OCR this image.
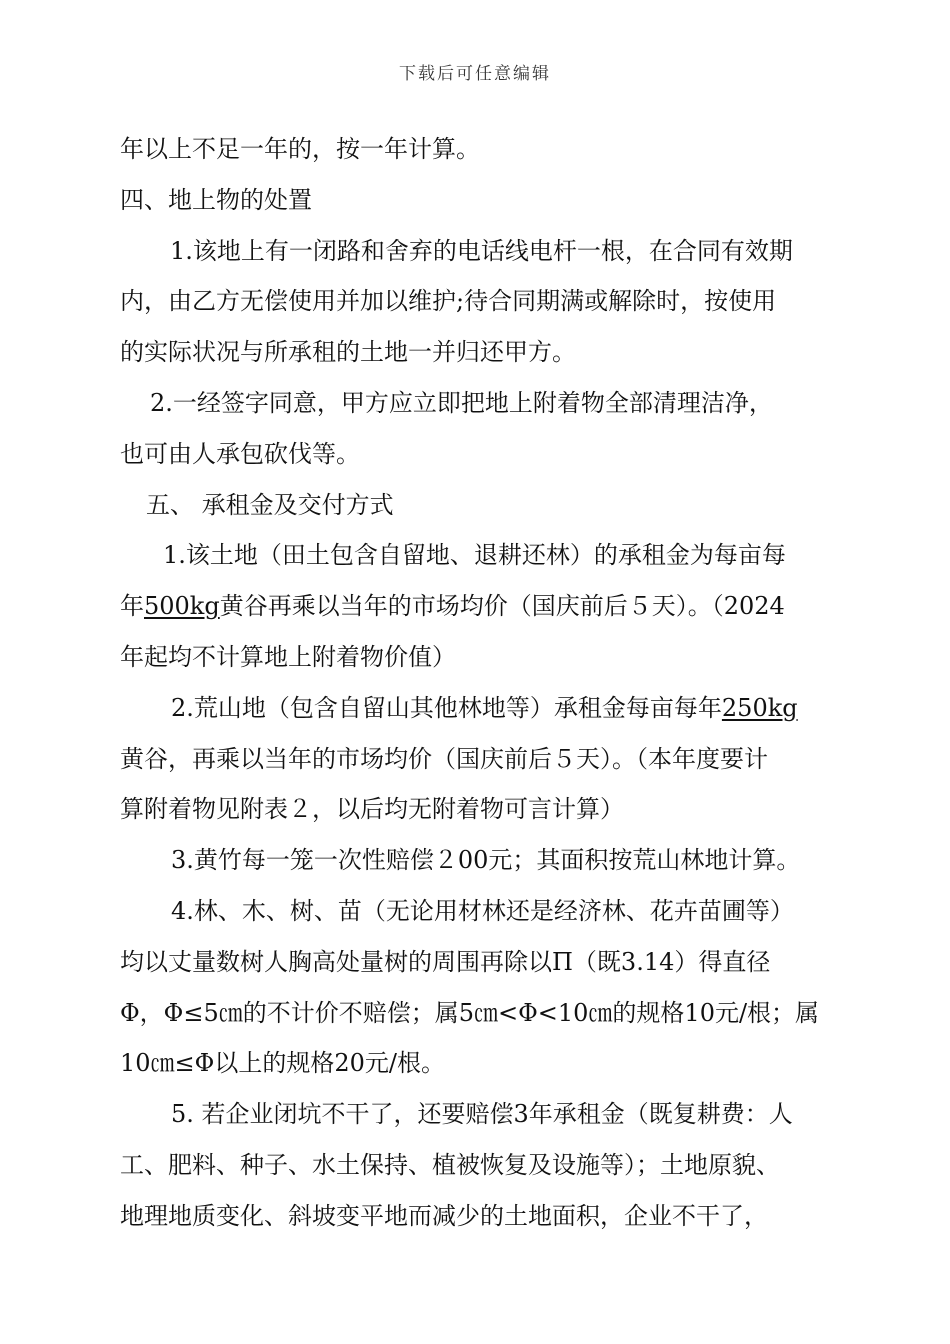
下载后可任意编辑
年以上不足一年的，按一年计算。
四、地上物的处置
1.该地上有一闭路和舍弃的电话线电杆一根，在合同有效期
内，由乙方无偿使用并加以维护;待合同期满或解除时，按使用
的实际状况与所承租的土地一并归还甲方。
2.一经签字同意，甲方应立即把地上附着物全部清理洁净，
也可由人承包砍伐等。
五、 承租金及交付方式
1.该土地（田土包含自留地、退耕还林）的承租金为每亩每
年500kg黄谷再乘以当年的市场均价（国庆前后５天）。（2024
年起均不计算地上附着物价值）
2.荒山地（包含自留山其他林地等）承租金每亩每年250kg
黄谷，再乘以当年的市场均价（国庆前后５天）。（本年度要计
算附着物见附表２，以后均无附着物可言计算）
3.黄竹每一笼一次性赔偿２00元；其面积按荒山林地计算。
4.林、木、树、苗（无论用材林还是经济林、花卉苗圃等）
均以丈量数树人胸高处量树的周围再除以Π（既3.14）得直径
Φ，Φ≤5㎝的不计价不赔偿；属5㎝<Φ<10㎝的规格10元/根；属
10㎝≤Φ以上的规格20元/根。
5. 若企业闭坑不干了，还要赔偿3年承租金（既复耕费：人
工、肥料、种子、水土保持、植被恢复及设施等）；土地原貌、
地理地质变化、斜坡变平地而减少的土地面积，企业不干了，
